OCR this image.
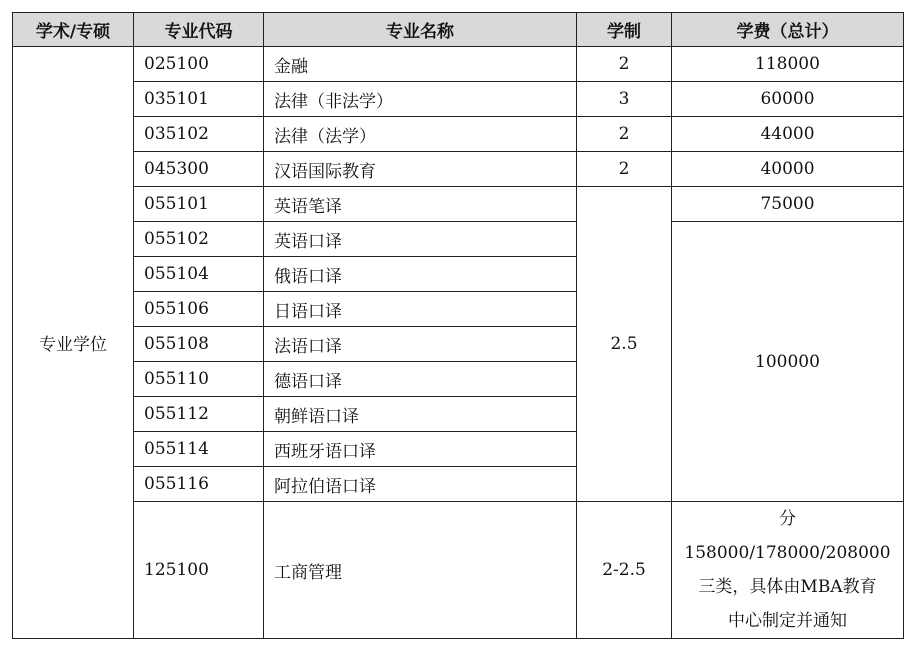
学术/专硕	专业代码	专业名称	学制	学费（总计）
专业学位	025100	金融	2	118000
	035101	法律（非法学）	3	60000
	035102	法律（法学）	2	44000
	045300	汉语国际教育	2	40000
	055101	英语笔译	2.5	75000
	055102	英语口译		100000
	055104	俄语口译		
	055106	日语口译		
	055108	法语口译		
	055110	德语口译		
	055112	朝鲜语口译		
	055114	西班牙语口译		
	055116	阿拉伯语口译		
	125100	工商管理	2-2.5	分
158000/178000/208000
三类，具体由MBA教育
中心制定并通知
